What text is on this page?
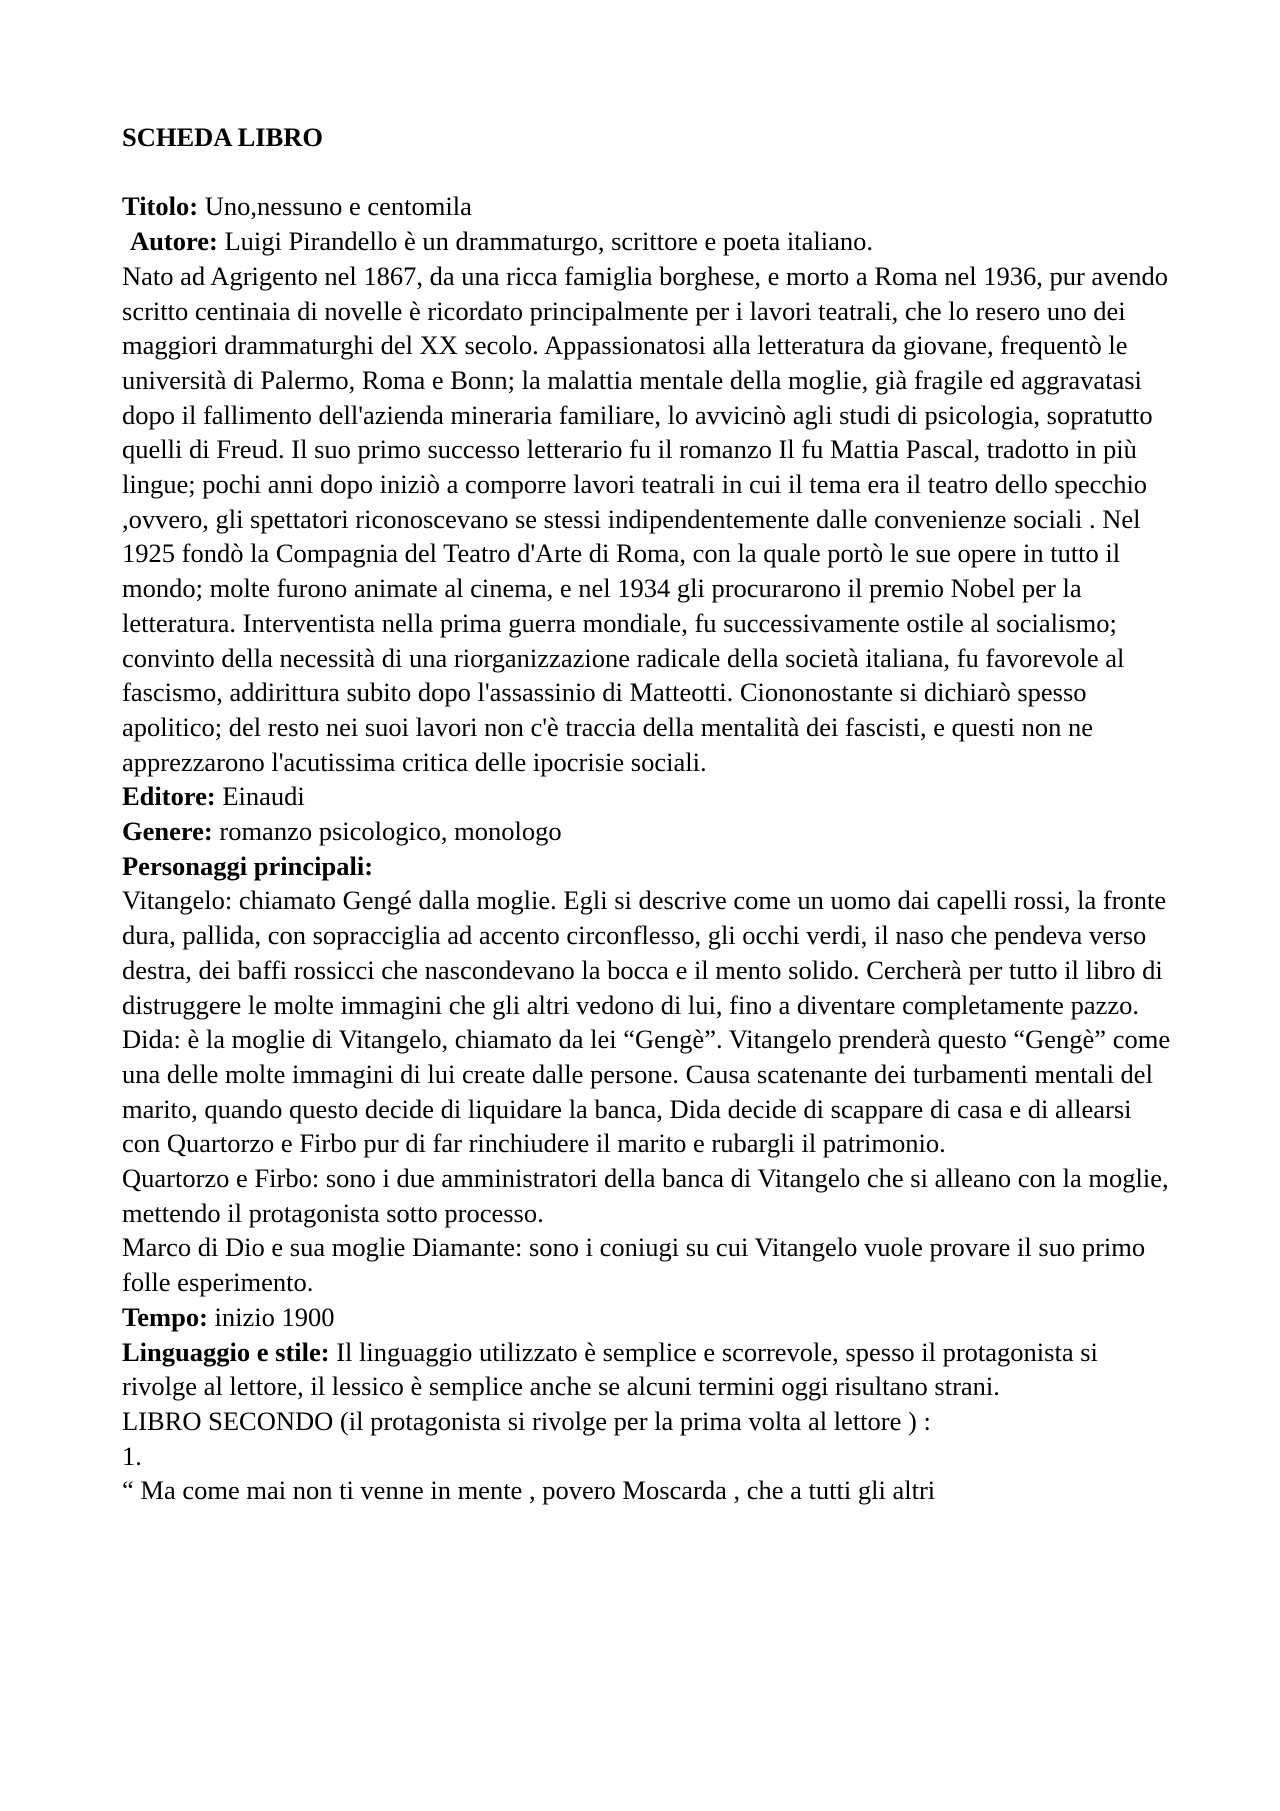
SCHEDA LIBRO

Titolo: Uno,nessuno e centomila

Autore: Luigi Pirandello è un drammaturgo, scrittore e poeta italiano.

Nato ad Agrigento nel 1867, da una ricca famiglia borghese, e morto a Roma nel 1936, pur avendo scritto centinaia di novelle è ricordato principalmente per i lavori teatrali, che lo resero uno dei maggiori drammaturghi del XX secolo. Appassionatosi alla letteratura da giovane, frequentò le università di Palermo, Roma e Bonn; la malattia mentale della moglie, già fragile ed aggravatasi dopo il fallimento dell'azienda mineraria familiare, lo avvicinò agli studi di psicologia, sopratutto quelli di Freud. Il suo primo successo letterario fu il romanzo Il fu Mattia Pascal, tradotto in più lingue; pochi anni dopo iniziò a comporre lavori teatrali in cui il tema era il teatro dello specchio ,ovvero, gli spettatori riconoscevano se stessi indipendentemente dalle convenienze sociali . Nel 1925 fondò la Compagnia del Teatro d'Arte di Roma, con la quale portò le sue opere in tutto il mondo; molte furono animate al cinema, e nel 1934 gli procurarono il premio Nobel per la letteratura. Interventista nella prima guerra mondiale, fu successivamente ostile al socialismo; convinto della necessità di una riorganizzazione radicale della società italiana, fu favorevole al fascismo, addirittura subito dopo l'assassinio di Matteotti. Ciononostante si dichiarò spesso apolitico; del resto nei suoi lavori non c'è traccia della mentalità dei fascisti, e questi non ne apprezzarono l'acutissima critica delle ipocrisie sociali.

Editore: Einaudi

Genere: romanzo psicologico, monologo

Personaggi principali:

Vitangelo: chiamato Gengé dalla moglie. Egli si descrive come un uomo dai capelli rossi, la fronte dura, pallida, con sopracciglia ad accento circonflesso, gli occhi verdi, il naso che pendeva verso destra, dei baffi rossicci che nascondevano la bocca e il mento solido. Cercherà per tutto il libro di distruggere le molte immagini che gli altri vedono di lui, fino a diventare completamente pazzo.

Dida: è la moglie di Vitangelo, chiamato da lei “Gengè”. Vitangelo prenderà questo “Gengè” come una delle molte immagini di lui create dalle persone. Causa scatenante dei turbamenti mentali del marito, quando questo decide di liquidare la banca, Dida decide di scappare di casa e di allearsi con Quartorzo e Firbo pur di far rinchiudere il marito e rubargli il patrimonio.

Quartorzo e Firbo: sono i due amministratori della banca di Vitangelo che si alleano con la moglie, mettendo il protagonista sotto processo.

Marco di Dio e sua moglie Diamante: sono i coniugi su cui Vitangelo vuole provare il suo primo folle esperimento.

Tempo: inizio 1900

Linguaggio e stile: Il linguaggio utilizzato è semplice e scorrevole, spesso il protagonista si rivolge al lettore, il lessico è semplice anche se alcuni termini oggi risultano strani.

LIBRO SECONDO (il protagonista si rivolge per la prima volta al lettore ) :

1.

“ Ma come mai non ti venne in mente , povero Moscarda , che a tutti gli altri
